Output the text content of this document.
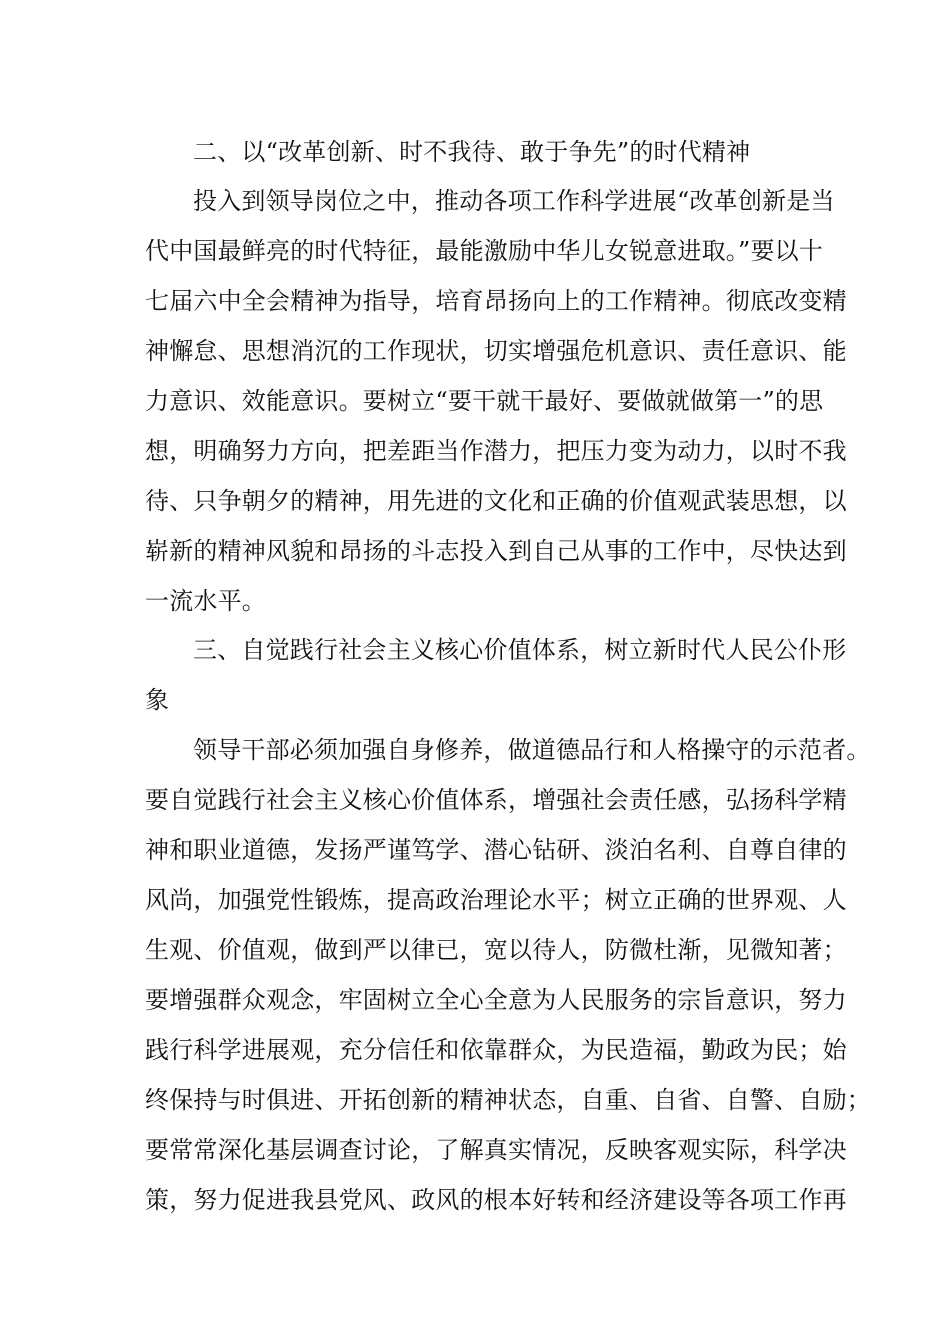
二、以“改革创新、时不我待、敢于争先”的时代精神
投入到领导岗位之中，推动各项工作科学进展“改革创新是当
代中国最鲜亮的时代特征，最能激励中华儿女锐意进取。”要以十
七届六中全会精神为指导，培育昂扬向上的工作精神。彻底改变精
神懈怠、思想消沉的工作现状，切实增强危机意识、责任意识、能
力意识、效能意识。要树立“要干就干最好、要做就做第一”的思
想，明确努力方向，把差距当作潜力，把压力变为动力，以时不我
待、只争朝夕的精神，用先进的文化和正确的价值观武装思想，以
崭新的精神风貌和昂扬的斗志投入到自己从事的工作中，尽快达到
一流水平。
三、自觉践行社会主义核心价值体系，树立新时代人民公仆形
象
领导干部必须加强自身修养，做道德品行和人格操守的示范者。
要自觉践行社会主义核心价值体系，增强社会责任感，弘扬科学精
神和职业道德，发扬严谨笃学、潜心钻研、淡泊名利、自尊自律的
风尚，加强党性锻炼，提高政治理论水平；树立正确的世界观、人
生观、价值观，做到严以律已，宽以待人，防微杜渐，见微知著；
要增强群众观念，牢固树立全心全意为人民服务的宗旨意识，努力
践行科学进展观，充分信任和依靠群众，为民造福，勤政为民；始
终保持与时俱进、开拓创新的精神状态，自重、自省、自警、自励；
要常常深化基层调查讨论，了解真实情况，反映客观实际，科学决
策，努力促进我县党风、政风的根本好转和经济建设等各项工作再
